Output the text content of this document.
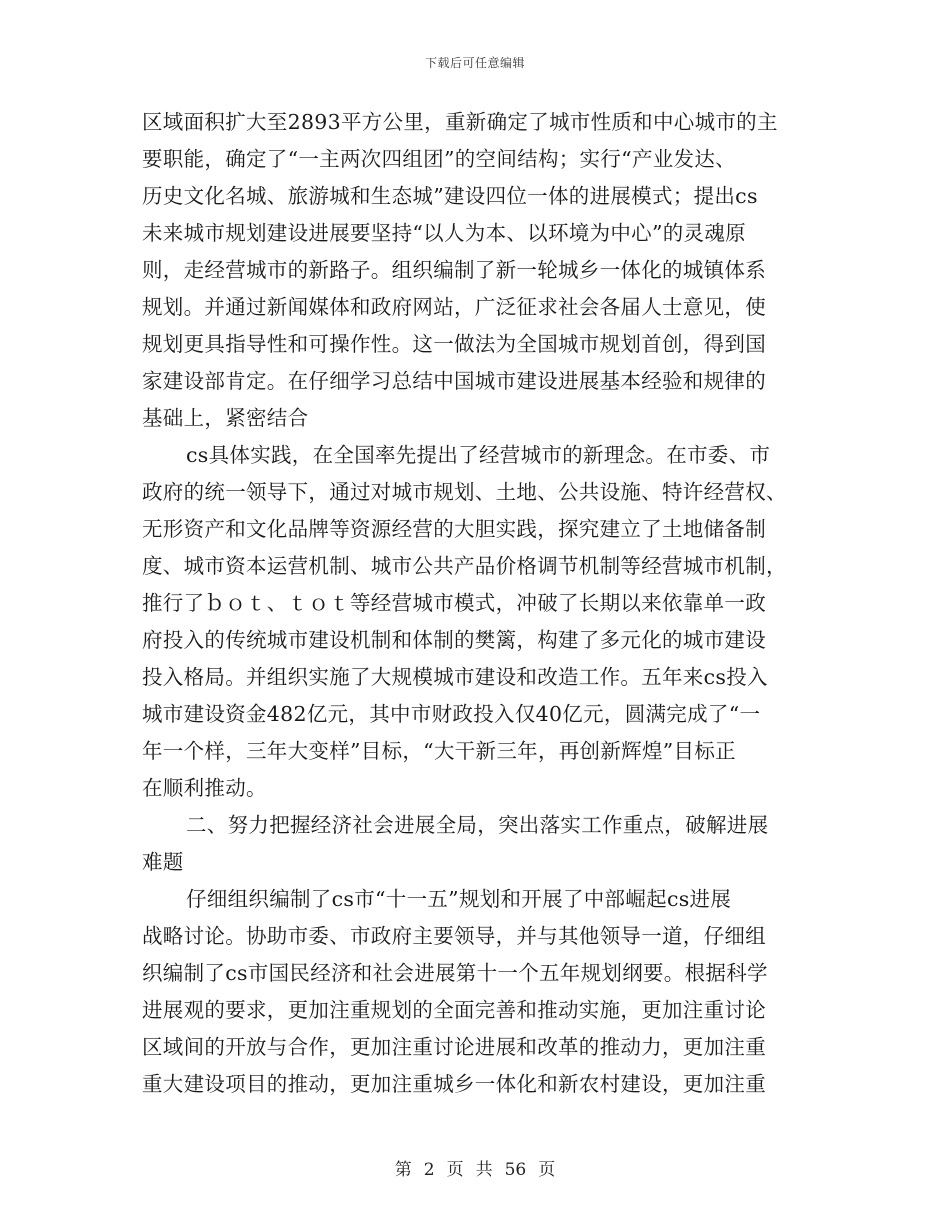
下载后可任意编辑
区域面积扩大至2893平方公里，重新确定了城市性质和中心城市的主
要职能，确定了“一主两次四组团”的空间结构；实行“产业发达、
历史文化名城、旅游城和生态城”建设四位一体的进展模式；提出cs
未来城市规划建设进展要坚持“以人为本、以环境为中心”的灵魂原
则，走经营城市的新路子。组织编制了新一轮城乡一体化的城镇体系
规划。并通过新闻媒体和政府网站，广泛征求社会各届人士意见，使
规划更具指导性和可操作性。这一做法为全国城市规划首创，得到国
家建设部肯定。在仔细学习总结中国城市建设进展基本经验和规律的
基础上，紧密结合
cs具体实践，在全国率先提出了经营城市的新理念。在市委、市
政府的统一领导下，通过对城市规划、土地、公共设施、特许经营权、
无形资产和文化品牌等资源经营的大胆实践，探究建立了土地储备制
度、城市资本运营机制、城市公共产品价格调节机制等经营城市机制，
推行了ｂｏｔ、ｔｏｔ等经营城市模式，冲破了长期以来依靠单一政
府投入的传统城市建设机制和体制的樊篱，构建了多元化的城市建设
投入格局。并组织实施了大规模城市建设和改造工作。五年来cs投入
城市建设资金482亿元，其中市财政投入仅40亿元，圆满完成了“一
年一个样，三年大变样”目标，“大干新三年，再创新辉煌”目标正
在顺利推动。
二、努力把握经济社会进展全局，突出落实工作重点，破解进展
难题
仔细组织编制了cs市“十一五”规划和开展了中部崛起cs进展
战略讨论。协助市委、市政府主要领导，并与其他领导一道，仔细组
织编制了cs市国民经济和社会进展第十一个五年规划纲要。根据科学
进展观的要求，更加注重规划的全面完善和推动实施，更加注重讨论
区域间的开放与合作，更加注重讨论进展和改革的推动力，更加注重
重大建设项目的推动，更加注重城乡一体化和新农村建设，更加注重
第 2 页 共 56 页
